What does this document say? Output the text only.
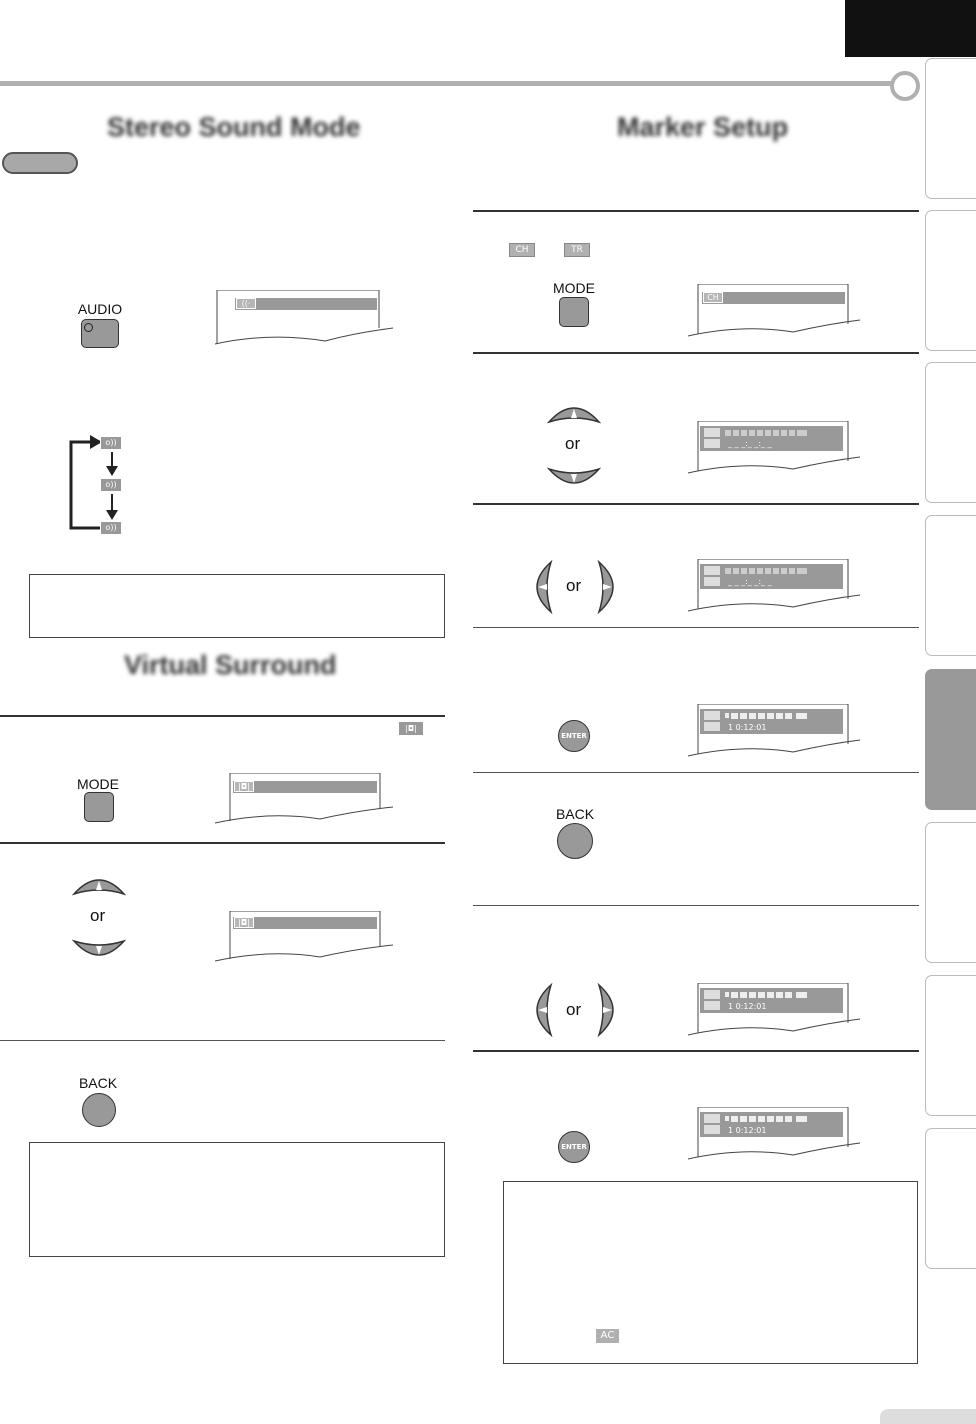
Stereo Sound Mode
AUDIO	((·
o))
o))
o))
Virtual Surround
|◘|
MODE	|◘|
or	|◘|
BACK
Marker Setup
CH	TR
MODE
CH
or	_ _ _:_ _:_ _
or	_ _ _:_ _:_ _
ENTER
1 0:12:01
BACK
or	1 0:12:01
ENTER
1 0:12:01
AC
